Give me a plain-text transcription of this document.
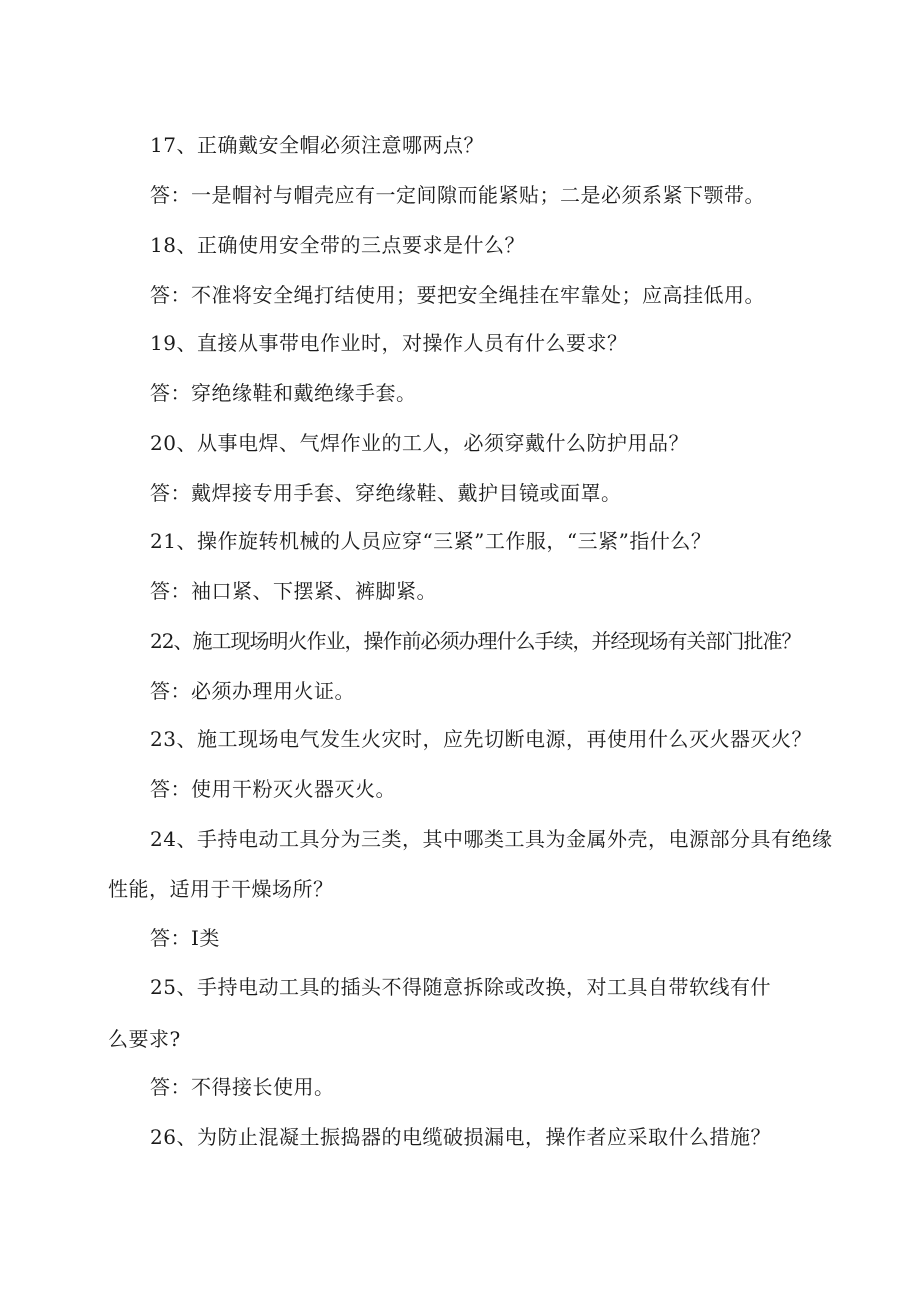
17、正确戴安全帽必须注意哪两点？
答：一是帽衬与帽壳应有一定间隙而能紧贴；二是必须系紧下颚带。
18、正确使用安全带的三点要求是什么？
答：不准将安全绳打结使用；要把安全绳挂在牢靠处；应高挂低用。
19、直接从事带电作业时，对操作人员有什么要求？
答：穿绝缘鞋和戴绝缘手套。
20、从事电焊、气焊作业的工人，必须穿戴什么防护用品？
答：戴焊接专用手套、穿绝缘鞋、戴护目镜或面罩。
21、操作旋转机械的人员应穿“三紧”工作服，“三紧”指什么？
答：袖口紧、下摆紧、裤脚紧。
22、施工现场明火作业，操作前必须办理什么手续，并经现场有关部门批准？
答：必须办理用火证。
23、施工现场电气发生火灾时，应先切断电源，再使用什么灭火器灭火？
答：使用干粉灭火器灭火。
24、手持电动工具分为三类，其中哪类工具为金属外壳，电源部分具有绝缘
性能，适用于干燥场所？
答：I类
25、手持电动工具的插头不得随意拆除或改换，对工具自带软线有什
么要求?
答：不得接长使用。
26、为防止混凝土振捣器的电缆破损漏电，操作者应采取什么措施？
